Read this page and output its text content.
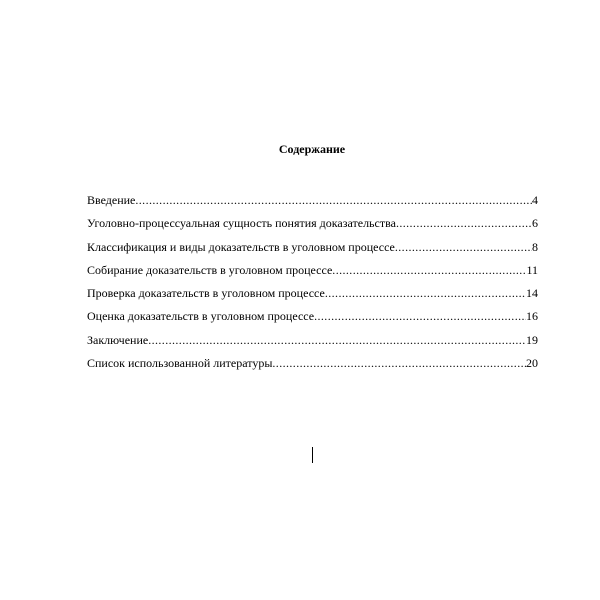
Содержание
Введение .....	4
Уголовно-процессуальная сущность понятия доказательства .....	6
Классификация и виды доказательств в уголовном процессе .....	8
Собирание доказательств в уголовном процессе .....	11
Проверка доказательств в уголовном процессе .....	14
Оценка доказательств в уголовном процессе .....	16
Заключение .....	19
Список использованной литературы .....	20
